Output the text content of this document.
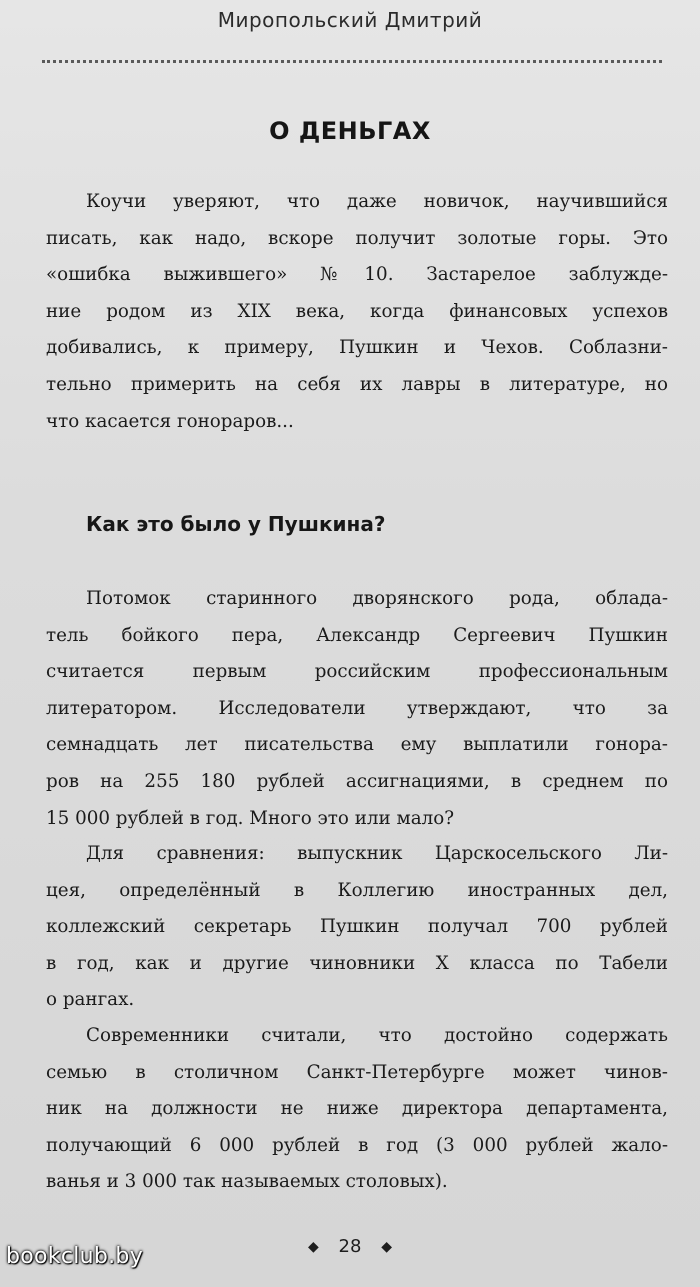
Миропольский Дмитрий
О ДЕНЬГАХ

Коучи уверяют, что даже новичок, научившийся
писать, как надо, вскоре получит золотые горы. Это
«ошибка выжившего» №10. Застарелое заблужде-
ние родом из XIX века, когда финансовых успехов
добивались, к примеру, Пушкин и Чехов. Соблазни-
тельно примерить на себя их лавры в литературе, но
что касается гонораров...

Как это было у Пушкина?

Потомок старинного дворянского рода, облада-
тель бойкого пера, Александр Сергеевич Пушкин
считается первым российским профессиональным
литератором. Исследователи утверждают, что за
семнадцать лет писательства ему выплатили гонора-
ров на 255 180 рублей ассигнациями, в среднем по
15 000 рублей в год. Много это или мало?

Для сравнения: выпускник Царскосельского Ли-
цея, определённый в Коллегию иностранных дел,
коллежский секретарь Пушкин получал 700 рублей
в год, как и другие чиновники X класса по Табели
о рангах.

Современники считали, что достойно содержать
семью в столичном Санкт-Петербурге может чинов-
ник на должности не ниже директора департамента,
получающий 6 000 рублей в год (3 000 рублей жало-
ванья и 3 000 так называемых столовых).

◆ 28 ◆
bookclub.by
